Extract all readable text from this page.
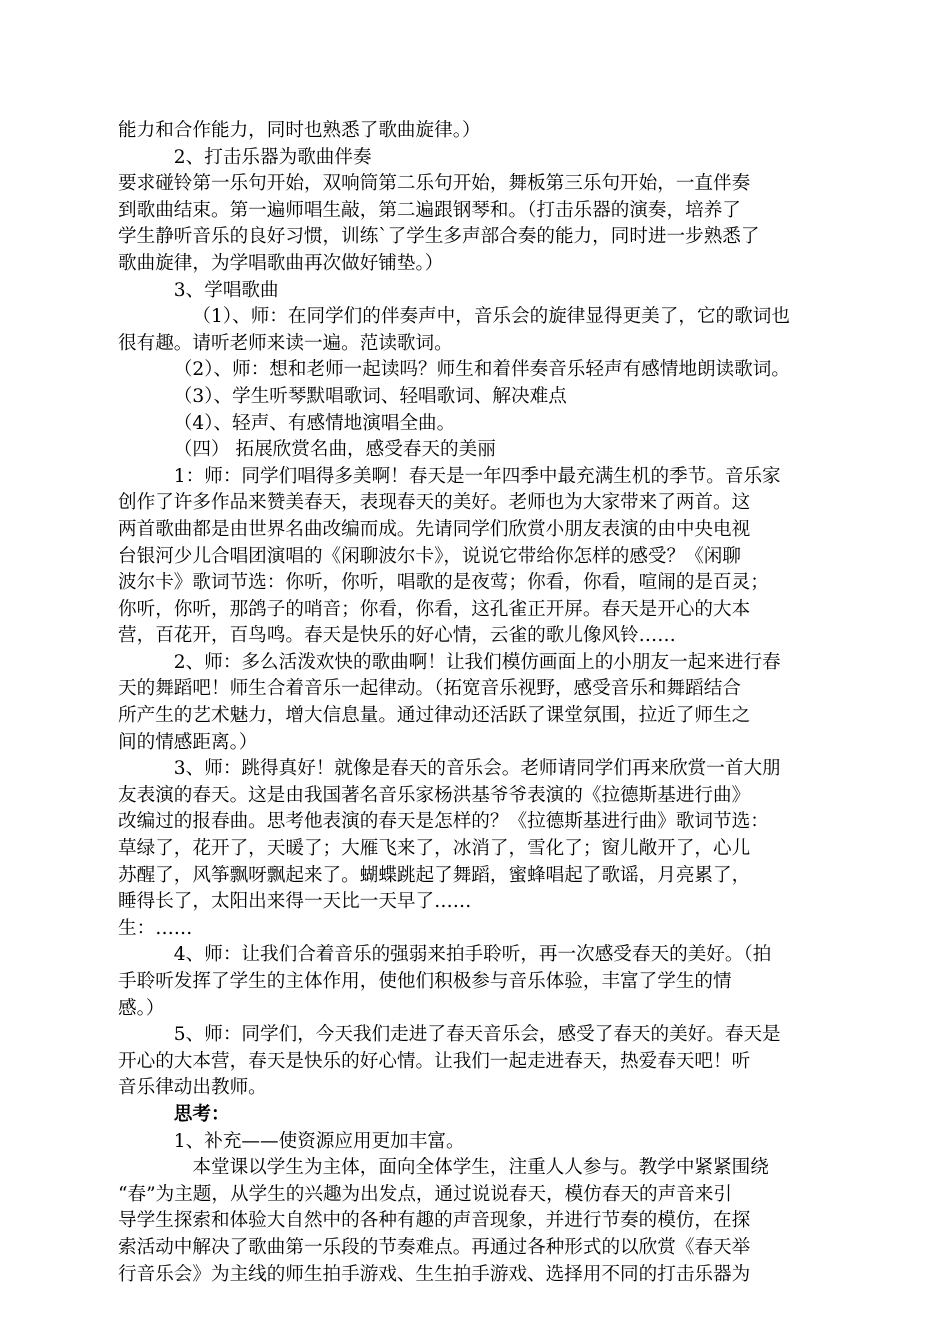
能力和合作能力，同时也熟悉了歌曲旋律。）
2、打击乐器为歌曲伴奏
要求碰铃第一乐句开始，双响筒第二乐句开始，舞板第三乐句开始，一直伴奏
到歌曲结束。第一遍师唱生敲，第二遍跟钢琴和。（打击乐器的演奏，培养了
学生静听音乐的良好习惯，训练`了学生多声部合奏的能力，同时进一步熟悉了
歌曲旋律，为学唱歌曲再次做好铺垫。）
3、学唱歌曲
（1）、师：在同学们的伴奏声中，音乐会的旋律显得更美了，它的歌词也
很有趣。请听老师来读一遍。范读歌词。
（2）、师：想和老师一起读吗？师生和着伴奏音乐轻声有感情地朗读歌词。
（3）、学生听琴默唱歌词、轻唱歌词、解决难点
（4）、轻声、有感情地演唱全曲。
（四） 拓展欣赏名曲，感受春天的美丽
1：师：同学们唱得多美啊！春天是一年四季中最充满生机的季节。音乐家
创作了许多作品来赞美春天，表现春天的美好。老师也为大家带来了两首。这
两首歌曲都是由世界名曲改编而成。先请同学们欣赏小朋友表演的由中央电视
台银河少儿合唱团演唱的《闲聊波尔卡》，说说它带给你怎样的感受？《闲聊
波尔卡》歌词节选：你听，你听，唱歌的是夜莺；你看，你看，喧闹的是百灵；
你听，你听，那鸽子的哨音；你看，你看，这孔雀正开屏。春天是开心的大本
营，百花开，百鸟鸣。春天是快乐的好心情，云雀的歌儿像风铃……
2、师：多么活泼欢快的歌曲啊！让我们模仿画面上的小朋友一起来进行春
天的舞蹈吧！师生合着音乐一起律动。（拓宽音乐视野，感受音乐和舞蹈结合
所产生的艺术魅力，增大信息量。通过律动还活跃了课堂氛围，拉近了师生之
间的情感距离。）
3、师：跳得真好！就像是春天的音乐会。老师请同学们再来欣赏一首大朋
友表演的春天。这是由我国著名音乐家杨洪基爷爷表演的《拉德斯基进行曲》
改编过的报春曲。思考他表演的春天是怎样的？《拉德斯基进行曲》歌词节选：
草绿了，花开了，天暖了；大雁飞来了，冰消了，雪化了；窗儿敞开了，心儿
苏醒了，风筝飘呀飘起来了。蝴蝶跳起了舞蹈，蜜蜂唱起了歌谣，月亮累了，
睡得长了，太阳出来得一天比一天早了……
生：……
4、师：让我们合着音乐的强弱来拍手聆听，再一次感受春天的美好。（拍
手聆听发挥了学生的主体作用，使他们积极参与音乐体验，丰富了学生的情
感。）
5、师：同学们，今天我们走进了春天音乐会，感受了春天的美好。春天是
开心的大本营，春天是快乐的好心情。让我们一起走进春天，热爱春天吧！听
音乐律动出教师。
思考：
1、补充——使资源应用更加丰富。
本堂课以学生为主体，面向全体学生，注重人人参与。教学中紧紧围绕
“春”为主题，从学生的兴趣为出发点，通过说说春天，模仿春天的声音来引
导学生探索和体验大自然中的各种有趣的声音现象，并进行节奏的模仿，在探
索活动中解决了歌曲第一乐段的节奏难点。再通过各种形式的以欣赏《春天举
行音乐会》为主线的师生拍手游戏、生生拍手游戏、选择用不同的打击乐器为
